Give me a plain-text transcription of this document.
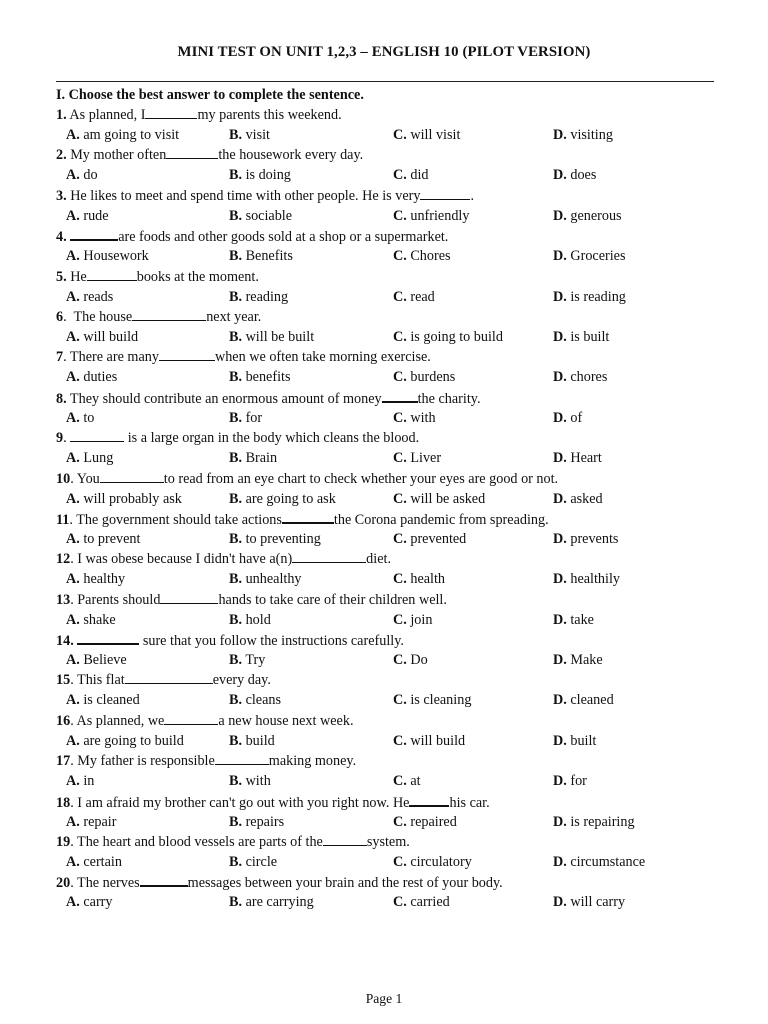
MINI TEST ON UNIT 1,2,3 – ENGLISH 10 (PILOT VERSION)
I. Choose the best answer to complete the sentence.
1. As planned, I	my parents this weekend.
A. am going to visit	B. visit	C. will visit	D. visiting
2. My mother often	the housework every day.
A. do	B. is doing	C. did	D. does
3. He likes to meet and spend time with other people. He is very	.
A. rude	B. sociable	C. unfriendly	D. generous
4.	are foods and other goods sold at a shop or a supermarket.
A. Housework	B. Benefits	C. Chores	D. Groceries
5. He	books at the moment.
A. reads	B. reading	C. read	D. is reading
6.  The house	next year.
A. will build	B. will be built	C. is going to build	D. is built
7. There are many	when we often take morning exercise.
A. duties	B. benefits	C. burdens	D. chores
8. They should contribute an enormous amount of money	the charity.
A. to	B. for	C. with	D. of
9.	is a large organ in the body which cleans the blood.
A. Lung	B. Brain	C. Liver	D. Heart
10. You	to read from an eye chart to check whether your eyes are good or not.
A. will probably ask	B. are going to ask	C. will be asked	D. asked
11. The government should take actions	the Corona pandemic from spreading.
A. to prevent	B. to preventing	C. prevented	D. prevents
12. I was obese because I didn't have a(n)	diet.
A. healthy	B. unhealthy	C. health	D. healthily
13. Parents should	hands to take care of their children well.
A. shake	B. hold	C. join	D. take
14.	sure that you follow the instructions carefully.
A. Believe	B. Try	C. Do	D. Make
15. This flat	every day.
A. is cleaned	B. cleans	C. is cleaning	D. cleaned
16. As planned, we	a new house next week.
A. are going to build	B. build	C. will build	D. built
17. My father is responsible	making money.
A. in	B. with	C. at	D. for
18. I am afraid my brother can't go out with you right now. He	his car.
A. repair	B. repairs	C. repaired	D. is repairing
19. The heart and blood vessels are parts of the	system.
A. certain	B. circle	C. circulatory	D. circumstance
20. The nerves	messages between your brain and the rest of your body.
A. carry	B. are carrying	C. carried	D. will carry
Page 1
